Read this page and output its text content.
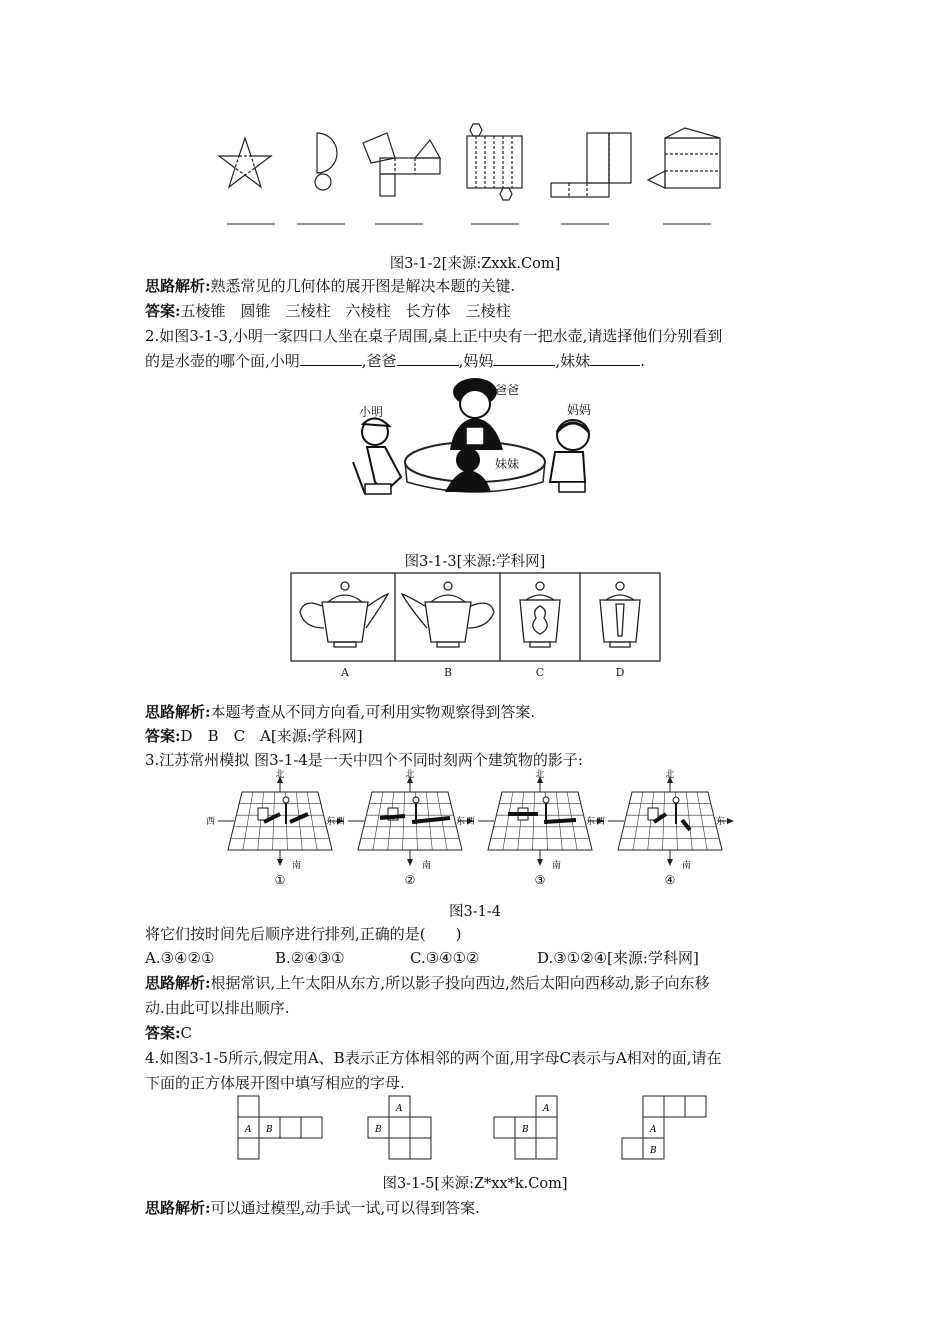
图3-1-2[来源:Zxxk.Com]
思路解析:熟悉常见的几何体的展开图是解决本题的关键.
答案:五棱锥　圆锥　三棱柱　六棱柱　长方体　三棱柱
2.如图3-1-3,小明一家四口人坐在桌子周围,桌上正中央有一把水壶,请选择他们分别看到
的是水壶的哪个面,小明	,爸爸	,妈妈	,妹妹	.
小明
爸爸
妈妈
妹妹
图3-1-3[来源:学科网]
A	B	C	D
思路解析:本题考查从不同方向看,可利用实物观察得到答案.
答案:D　B　C　A[来源:学科网]
3.江苏常州模拟 图3-1-4是一天中四个不同时刻两个建筑物的影子:
北
南
西	东
①
北
南
西	东
②
北
南
西	东
③
北
南
西	东
④
图3-1-4
将它们按时间先后顺序进行排列,正确的是(　　)
A.③④②①	B.②④③①	C.③④①②	D.③①②④[来源:学科网]
思路解析:根据常识,上午太阳从东方,所以影子投向西边,然后太阳向西移动,影子向东移
动.由此可以排出顺序.
答案:C
4.如图3-1-5所示,假定用A、B表示正方体相邻的两个面,用字母C表示与A相对的面,请在
下面的正方体展开图中填写相应的字母.
A B
A
B
A
B	A
B
图3-1-5[来源:Z*xx*k.Com]
思路解析:可以通过模型,动手试一试,可以得到答案.
